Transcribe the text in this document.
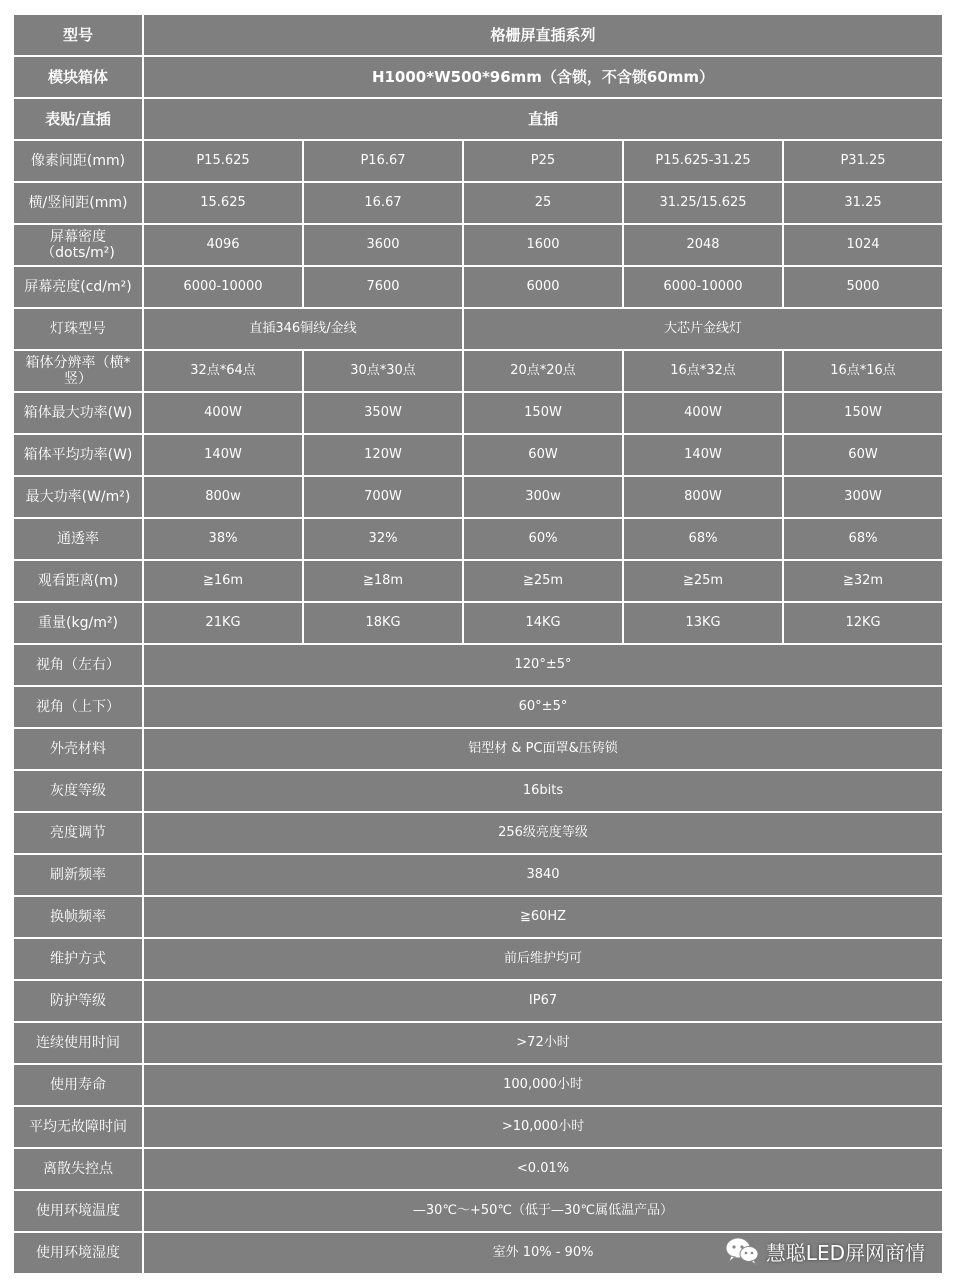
型号	格栅屏直插系列				
模块箱体	H1000*W500*96mm（含锁，不含锁60mm）				
表贴/直插	直插				
像素间距(mm)	P15.625	P16.67	P25	P15.625-31.25	P31.25
横/竖间距(mm)	15.625	16.67	25	31.25/15.625	31.25
屏幕密度（dots/m²)	4096	3600	1600	2048	1024
屏幕亮度(cd/m²)	6000-10000	7600	6000	6000-10000	5000
灯珠型号	直插346铜线/金线		大芯片金线灯		
箱体分辨率（横*竖）	32点*64点	30点*30点	20点*20点	16点*32点	16点*16点
箱体最大功率(W)	400W	350W	150W	400W	150W
箱体平均功率(W)	140W	120W	60W	140W	60W
最大功率(W/m²)	800w	700W	300w	800W	300W
通透率	38%	32%	60%	68%	68%
观看距离(m)	≧16m	≧18m	≧25m	≧25m	≧32m
重量(kg/m²)	21KG	18KG	14KG	13KG	12KG
视角（左右）	120°±5°				
视角（上下）	60°±5°				
外壳材料	铝型材 & PC面罩&压铸锁				
灰度等级	16bits				
亮度调节	256级亮度等级				
刷新频率	3840				
换帧频率	≧60HZ				
维护方式	前后维护均可				
防护等级	IP67				
连续使用时间	>72小时				
使用寿命	100,000小时				
平均无故障时间	>10,000小时				
离散失控点	<0.01%				
使用环境温度	—30℃～+50℃（低于—30℃属低温产品）				
使用环境湿度	室外 10% - 90%					慧聪LED屏网商情
